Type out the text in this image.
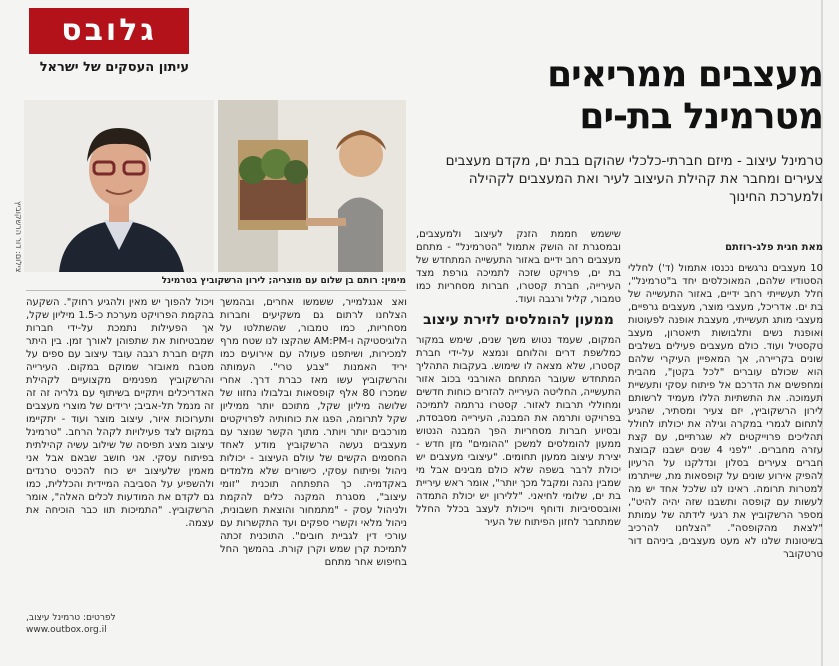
גלובס
עיתון העסקים של ישראל	מעצבים ממריאים מטרמינל בת-ים
טרמינל עיצוב - מיזם חברתי-כלכלי שהוקם בבת ים, מקדם מעצבים צעירים ומחבר את קהילת העיצוב לעיר ואת המעצבים לקהילה ולמערכת החינוך
מאת חגית פלג-רוזתם
צילום: דור הרשקוביץ
מימין: רותם בן שלום עם מוצריה; לירון הרשקוביץ בטרמינל

10 מעצבים נרגשים נכנסו אתמול (ד') לחללי הסטודיו שלהם, המאוכלסים יחד ב"טרמינל", חלל תעשייתי רחב ידיים, באזור התעשייה של בת ים. אדריכל, מעצבי מוצר, מעצבים גרפיים, מעצבי מותג תעשייתי, מעצבת אופנה לפעוטות ואופנת נשים ותלבושות תיאטרון, מעצב טקסטיל ועוד. כולם מעצבים פעילים בשלבים שונים בקריירה, אך המאפיין העיקרי שלהם הוא שכולם עוברים "לכל בקטן", מהבית ומחפשים את הדרכם אל פיתוח עסקי ותעשיית תעמוכה. את התשתיות הללו מעמיד לרשותם לירון הרשקוביץ, יזם צעיר ומסתיר, שהגיע לתחום לגמרי במקרה וגילה את יכולתו לחולל תהליכים פרוייקטים לא שגרתיים, עם קצת עזרה מחברים. "לפני 4 שנים ישבנו קבוצת חברים צעירים בסלון ונדלקנו על הרעיון להפיק אירוע שונים על קופסאות מת, שייתרמו למטרות תרומה. ראינו לנו שלכל אחד יש מה לעשות עם קופסה ותשבנו שזה יהיה להיט", מספר הרשקוביץ את רגעי לידתה של עמותת "לצאת מהקופסה". "הצלחנו להרכיב בשיטונות שלנו לא מעט מעצבים, ביניהם דור טרטקובר

שישמש חממת הזנק לעיצוב ולמעצבים, ובמסגרת זה הושק אתמול "הטרמינל" - מתחם מעצבים רחב ידיים באזור התעשייה המתחדש של בת ים, פרויקט שזכה לתמיכה גורפת מצד העירייה, חברת קסטרו, חברות מסחריות כמו טמבור, קליל ורגבה ועוד.

ממעון להומלסים לזירת עיצוב

המקום, שעמד נטוש משך שנים, שימש במקור כמלשפת דרים והלוחם ונמצא על-ידי חברת קסטרו, שלא מצאה לו שימוש. בעקבות התהליך המתחדש שעובר המתחם האורבני בכוב אזור התעשייה, החליטה העירייה להזרים כוחות חדשים ומחוללי תרבות לאזור. קסטרו נרתמה לתמיכה בפרויקט ותרמה את המבנה, העירייה מסבסדת, ובסיוע חברות מסחריות הפך המבנה הנטוש ממעון להומלסים למשכן "ההומים" מזן חדש - יצירת עיצוב ממעון תחומים. "עיצובי מעצבים יש יכולת לרבר בשפה שלא כולם מבינים אבל מי שמבין נהנה ומקבל מכך יותר", אומר ראש עיריית בת ים, שלומי לחיאני. "ללירון יש יכולת התמדה ואובססיביות ודוחף וייכולת לעצב בכלל החלל שמתחבר לחזון הפיתוח של העיר

ואצ אנגלמייר, ששמשו אחרים, ובהמשך הצלחנו לרתום גם משקיעים וחברות מסחריות, כמו טמבור, שהשתלטו על הלוגיסטיקה ו-AM:PM שהקצו לנו שטח מרף למכירות, ושיתפנו פעולה עם אירועים כמו יריד האמנות "צבע טרי". העמותה והרשקוביץ עשו מאז כברת דרך. אחרי שמכרו 80 אלף קופסאות ובלבולו נחזוו של שלושה מיליון שקל, מתוכם יותר ממיליון שקל לתרומה, הפגו את כוחותיה לפרויקטים מורכבים יותר ויותר. מתוך הקשר שנוצר עם מעצבים נעשה הרשקוביץ מודע לאחד החסמים הקשים של עולם העיצוב - יכולות ניהול ופיתוח עסקי, כישורים שלא מלמדים באקדמיה. כך התפתחה תוכנית "זומי עיצוב", מסגרת המקנה כלים להקמת ולניהול עסק - "מתמחור והוצאת חשבונית, ניהול מלאי וקשרי ספקים ועד התקשרות עם עורכי דין לגביית חובים". התוכנית זכתה לתמיכת קרן שמש וקרן קורת. בהמשך החל בחיפוש אחר מתחם

ויכול להפוך יש מאין ולהגיע רחוק". השקעה בהקמת הפרויקט מערכת כ-1.5 מיליון שקל, אך הפעילות נתמכת על-ידי חברות שמבטיחות את שתפוהן לאורך זמן. בין היתר תקים חברת רגבה עובד עיצוב עם ספים על מטבח מאובזר שמוקם במקום. העירייה והרשקוביץ מפנימים מקצועיים לקהילת האדריכלים ויתקיים בשיתוף עם גלריה זה זה זה מנמל תל-אביב; ירידים של מוצרי מעצבים ותערוכות איור, עיצוב מוצר ועוד - יתקיימו במקום לצד פעילויות לקהל הרחב. "טרמינל עיצוב מציג תפיסה של שילוב עשיה קהילתית בפיתוח עסקי. אני חושב שבאם אבל אני מאמין שלעיצוב יש כוח להכניס טרנדים ולהשפיע על הסביבה המיידית והכללית, כמו גם לקדם את המודעות לכלים האלה", אומר הרשקוביץ. "התמיכות תוו כבר הוכיחה את עצמה.

לפרטים: טרמינל עיצוב,
www.outbox.org.il
